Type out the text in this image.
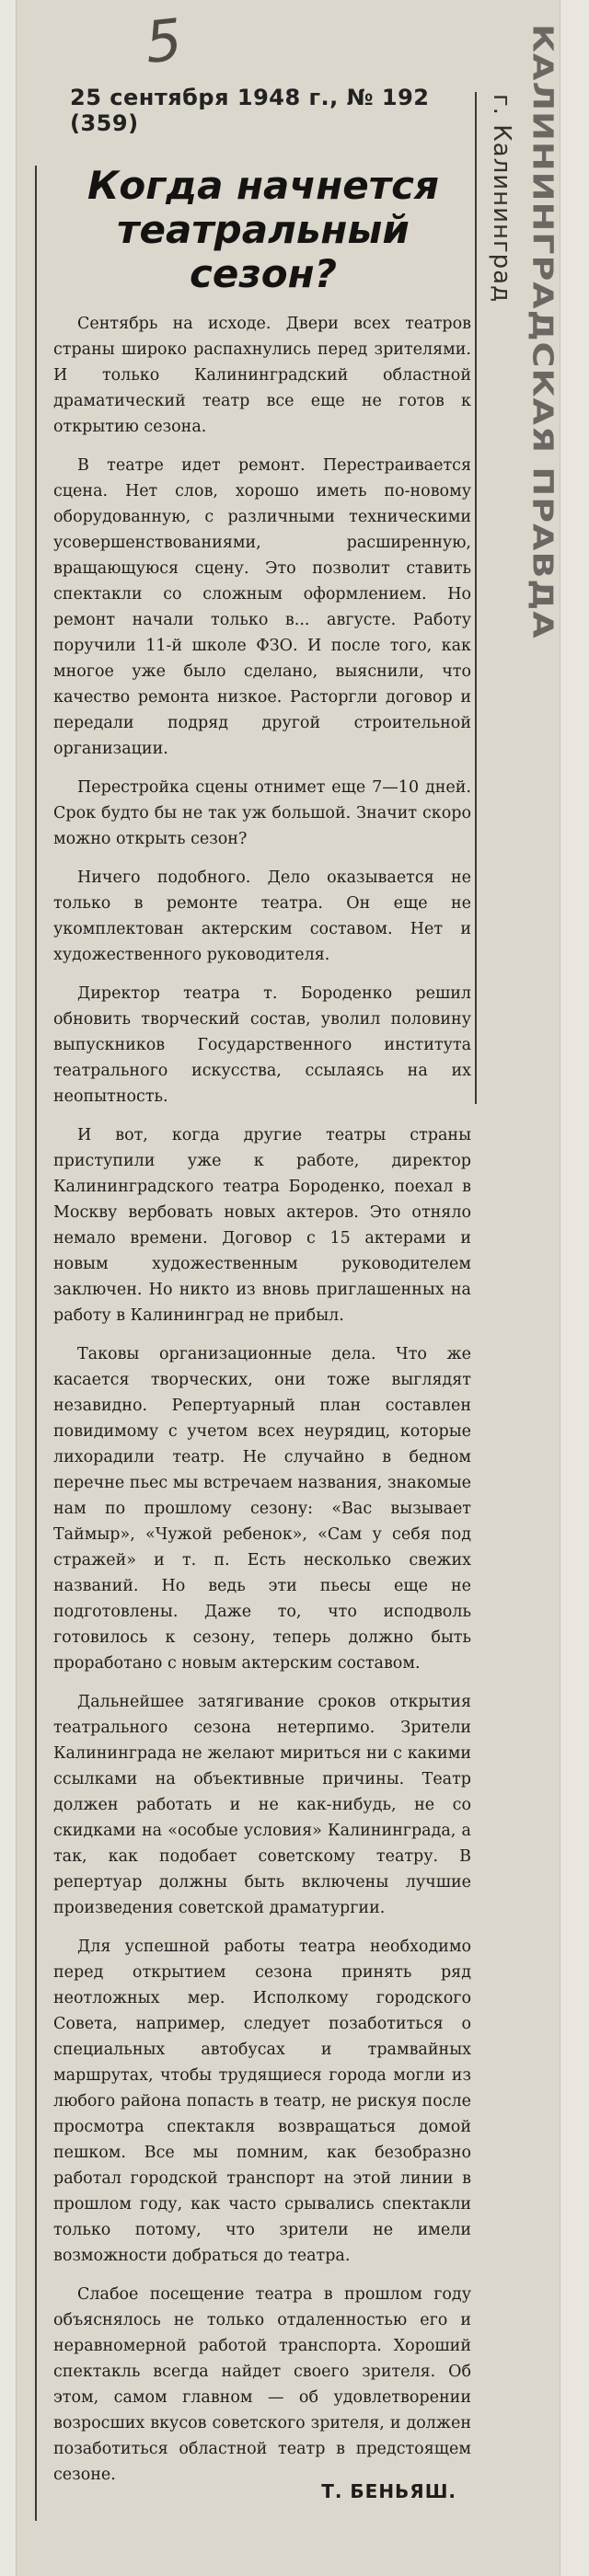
5
25 сентября 1948 г., № 192 (359)	КАЛИНИНГРАДСКАЯ ПРАВДА
г. Калининград
Когда начнется
театральный
сезон?

Сентябрь на исходе. Двери всех театров страны широко распахнулись перед зрителями. И только Калининградский областной драматический театр все еще не готов к открытию сезона.

В театре идет ремонт. Перестраивается сцена. Нет слов, хорошо иметь по-новому оборудованную, с различными техническими усовершенствованиями, расширенную, вращающуюся сцену. Это позволит ставить спектакли со сложным оформлением. Но ремонт начали только в... августе. Работу поручили 11-й школе ФЗО. И после того, как многое уже было сделано, выяснили, что качество ремонта низкое. Расторгли договор и передали подряд другой строительной организации.

Перестройка сцены отнимет еще 7—10 дней. Срок будто бы не так уж большой. Значит скоро можно открыть сезон?

Ничего подобного. Дело оказывается не только в ремонте театра. Он еще не укомплектован актерским составом. Нет и художественного руководителя.

Директор театра т. Бороденко решил обновить творческий состав, уволил половину выпускников Государственного института театрального искусства, ссылаясь на их неопытность.

И вот, когда другие театры страны приступили уже к работе, директор Калининградского театра Бороденко, поехал в Москву вербовать новых актеров. Это отняло немало времени. Договор с 15 актерами и новым художественным руководителем заключен. Но никто из вновь приглашенных на работу в Калининград не прибыл.

Таковы организационные дела. Что же касается творческих, они тоже выглядят незавидно. Репертуарный план составлен повидимому с учетом всех неурядиц, которые лихорадили театр. Не случайно в бедном перечне пьес мы встречаем названия, знакомые нам по прошлому сезону: «Вас вызывает Таймыр», «Чужой ребенок», «Сам у себя под стражей» и т. п. Есть несколько свежих названий. Но ведь эти пьесы еще не подготовлены. Даже то, что исподволь готовилось к сезону, теперь должно быть проработано с новым актерским составом.

Дальнейшее затягивание сроков открытия театрального сезона нетерпимо. Зрители Калининграда не желают мириться ни с какими ссылками на объективные причины. Театр должен работать и не как-нибудь, не со скидками на «особые условия» Калининграда, а так, как подобает советскому театру. В репертуар должны быть включены лучшие произведения советской драматургии.

Для успешной работы театра необходимо перед открытием сезона принять ряд неотложных мер. Исполкому городского Совета, например, следует позаботиться о специальных автобусах и трамвайных маршрутах, чтобы трудящиеся города могли из любого района попасть в театр, не рискуя после просмотра спектакля возвращаться домой пешком. Все мы помним, как безобразно работал городской транспорт на этой линии в прошлом году, как часто срывались спектакли только потому, что зрители не имели возможности добраться до театра.

Слабое посещение театра в прошлом году объяснялось не только отдаленностью его и неравномерной работой транспорта. Хороший спектакль всегда найдет своего зрителя. Об этом, самом главном — об удовлетворении возросших вкусов советского зрителя, и должен позаботиться областной театр в предстоящем сезоне.

Т. БЕНЬЯШ.
